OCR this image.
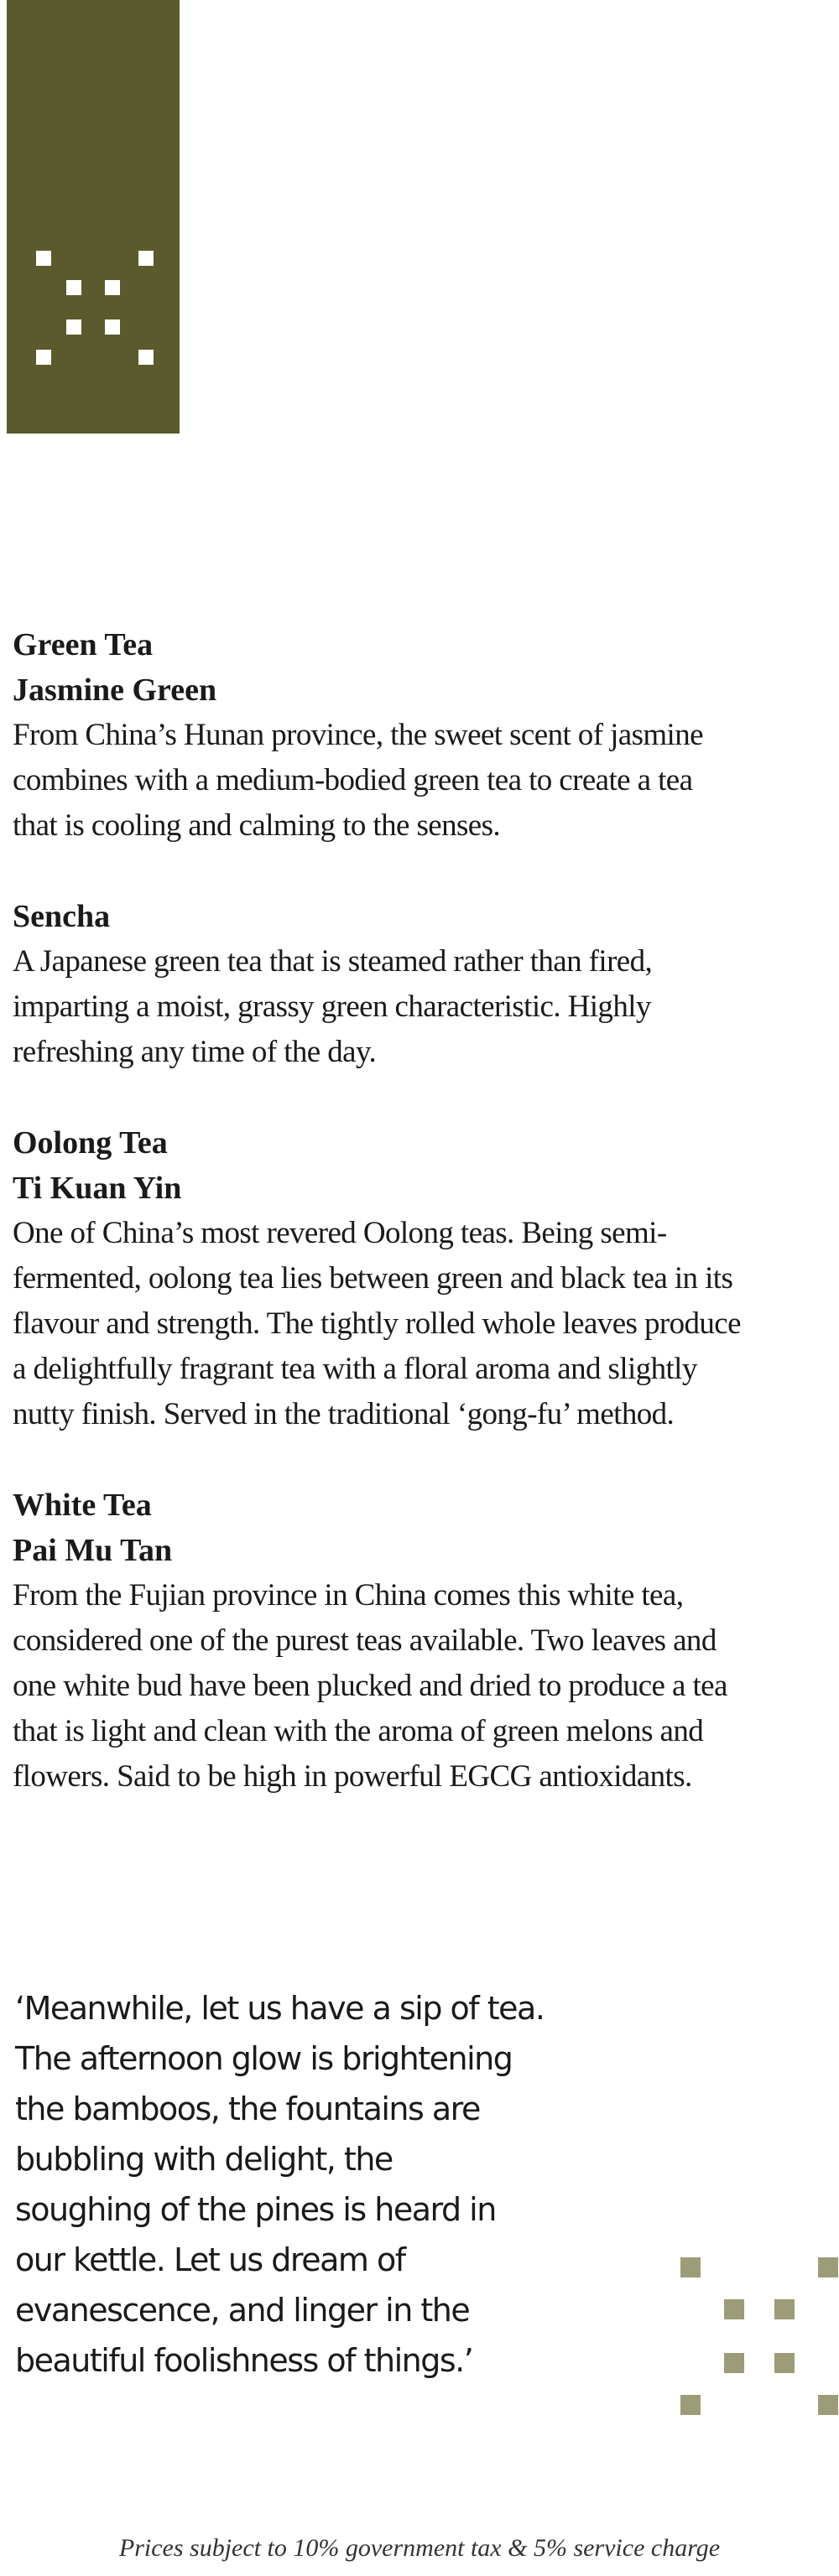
Green Tea

Jasmine Green

From China’s Hunan province, the sweet scent of jasmine

combines with a medium-bodied green tea to create a tea

that is cooling and calming to the senses.

Sencha

A Japanese green tea that is steamed rather than fired,

imparting a moist, grassy green characteristic. Highly

refreshing any time of the day.

Oolong Tea

Ti Kuan Yin

One of China’s most revered Oolong teas. Being semi-

fermented, oolong tea lies between green and black tea in its

flavour and strength. The tightly rolled whole leaves produce

a delightfully fragrant tea with a floral aroma and slightly

nutty finish. Served in the traditional ‘gong-fu’ method.

White Tea

Pai Mu Tan

From the Fujian province in China comes this white tea,

considered one of the purest teas available. Two leaves and

one white bud have been plucked and dried to produce a tea

that is light and clean with the aroma of green melons and

flowers. Said to be high in powerful EGCG antioxidants.

‘Meanwhile, let us have a sip of tea.
The afternoon glow is brightening
the bamboos, the fountains are
bubbling with delight, the
soughing of the pines is heard in
our kettle. Let us dream of
evanescence, and linger in the
beautiful foolishness of things.’

Prices subject to 10% government tax & 5% service charge
